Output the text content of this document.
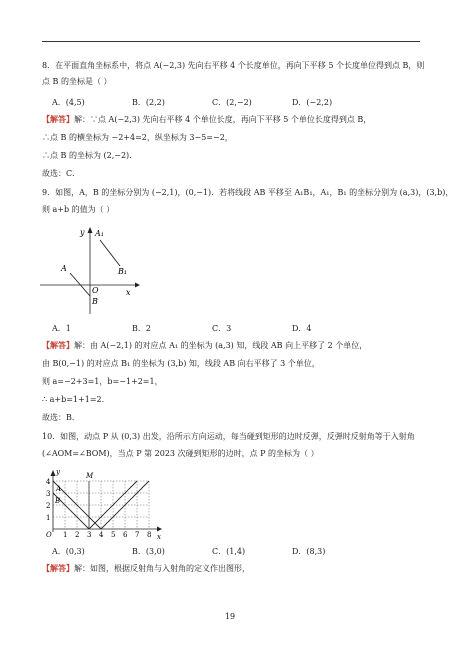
8．在平面直角坐标系中，将点 A(−2,3) 先向右平移 4 个长度单位，再向下平移 5 个长度单位得到点 B，则
点 B 的坐标是（ ）
A．(4,5)	B．(2,2)	C．(2,−2)	D．(−2,2)
【解答】解：∵点 A(−2,3) 先向右平移 4 个单位长度，再向下平移 5 个单位长度得到点 B，
∴点 B 的横坐标为 −2+4=2，纵坐标为 3−5=−2，
∴点 B 的坐标为 (2,−2)．
故选：C．
9．如图，A，B 的坐标分别为 (−2,1)，(0,−1)．若将线段 AB 平移至 A₁B₁，A₁，B₁ 的坐标分别为 (a,3)，(3,b)，
则 a+b 的值为（ ）
A
A₁
B₁
B
O	x
y
A．1	B．2	C．3	D．4
【解答】解：由 A(−2,1) 的对应点 A₁ 的坐标为 (a,3) 知，线段 AB 向上平移了 2 个单位，
由 B(0,−1) 的对应点 B₁ 的坐标为 (3,b) 知，线段 AB 向右平移了 3 个单位，
则 a=−2+3=1，b=−1+2=1，
∴ a+b=1+1=2．
故选：B．
10．如图，动点 P 从 (0,3) 出发，沿所示方向运动，每当碰到矩形的边时反弹，反弹时反射角等于入射角
(∠AOM=∠BOM)，当点 P 第 2023 次碰到矩形的边时，点 P 的坐标为（ ）
4
3
2
1
1 2 3 4 5 6 7 8
O	x
y	M
A
B
A．(0,3)	B．(3,0)	C．(1,4)	D．(8,3)
【解答】解：如图，根据反射角与入射角的定义作出图形，
19
